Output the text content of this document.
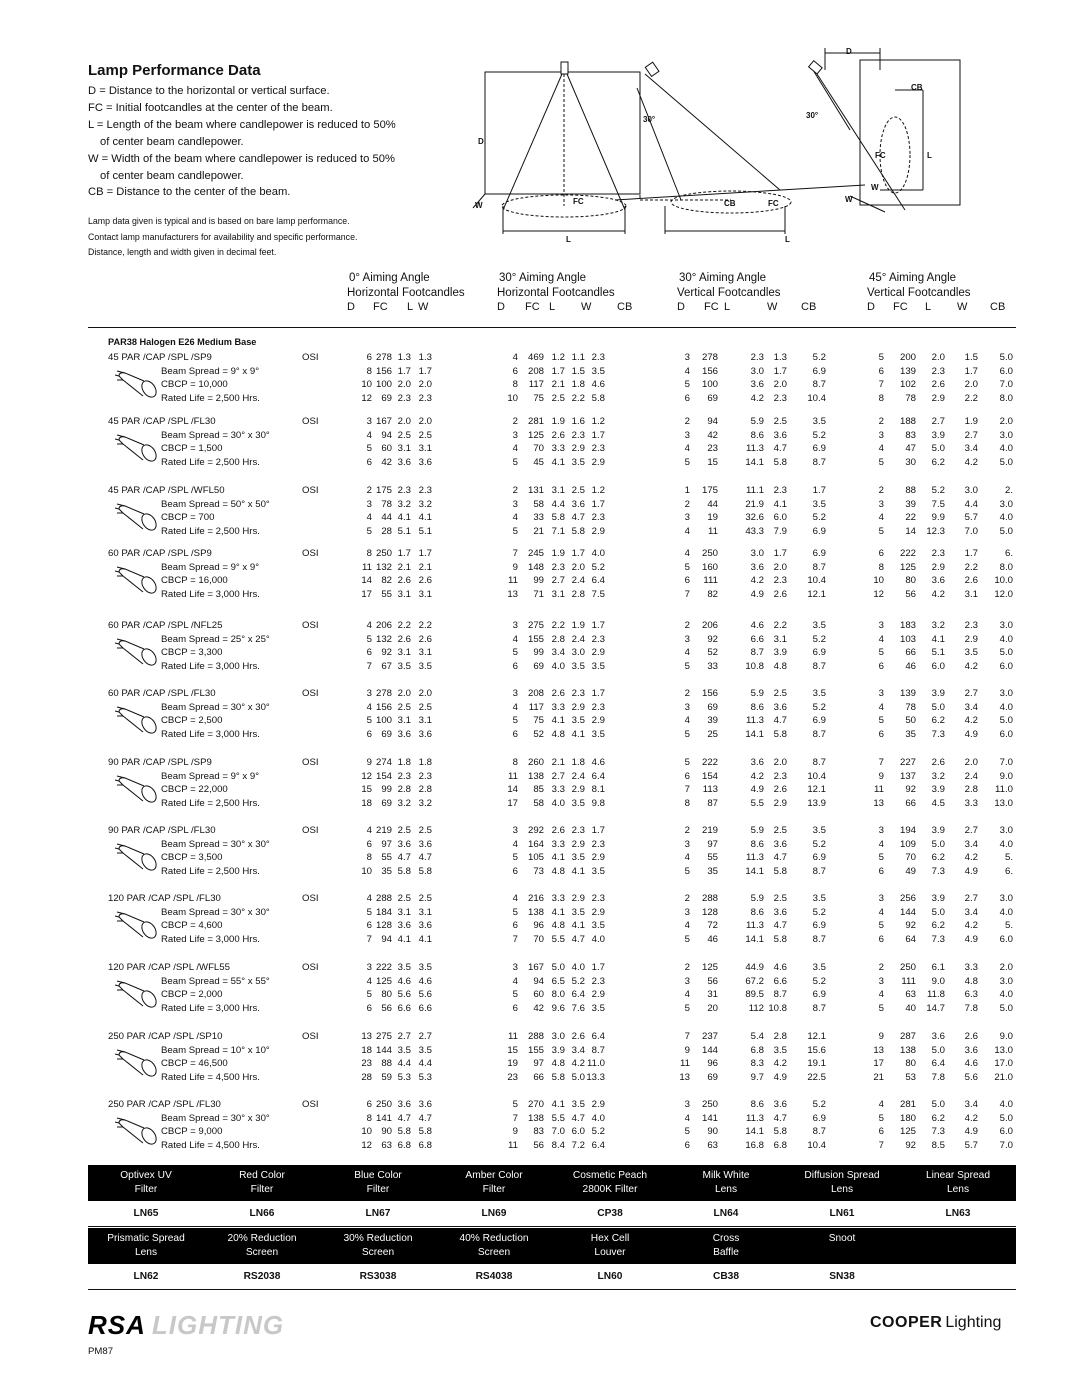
Lamp Performance Data
D = Distance to the horizontal or vertical surface.
FC = Initial footcandles at the center of the beam.
L = Length of the beam where candlepower is reduced to 50%
of center beam candlepower.
W = Width of the beam where candlepower is reduced to 50%
of center beam candlepower.
CB = Distance to the center of the beam.
Lamp data given is typical and is based on bare lamp performance.
Contact lamp manufacturers for availability and specific performance.
Distance, length and width given in decimal feet.
W
D
FC
L
30°
CB	FC
L
D
CB
L
FC
W
W
30°
0° Aiming Angle
Horizontal Footcandles
D FC L W
30° Aiming Angle
Horizontal Footcandles
D FC L W CB
30° Aiming Angle
Vertical Footcandles
D FC L	W CB
45° Aiming Angle
Vertical Footcandles
D FC L W CB
PAR38 Halogen E26 Medium Base
45 PAR /CAP /SPL /SP9	OSI	6 278 1.3 1.3	4 469 1.2 1.1 2.3	3 278	2.3 1.3	5.2	5 200 2.0 1.5 5.0
Beam Spread = 9° x 9°	8 156 1.7 1.7	6 208 1.7 1.5 3.5	4 156	3.0 1.7	6.9	6 139 2.3 1.7 6.0
CBCP = 10,000	10 100 2.0 2.0	8 117 2.1 1.8 4.6	5 100	3.6 2.0	8.7	7 102 2.6 2.0 7.0
Rated Life = 2,500 Hrs.	12 69 2.3 2.3	10 75 2.5 2.2 5.8	6 69	4.2 2.3 10.4	8 78 2.9 2.2 8.0
45 PAR /CAP /SPL /FL30	OSI	3 167 2.0 2.0	2 281 1.9 1.6 1.2	2 94	5.9 2.5	3.5	2 188 2.7 1.9 2.0
Beam Spread = 30° x 30°	4 94 2.5 2.5	3 125 2.6 2.3 1.7	3 42	8.6 3.6	5.2	3 83 3.9 2.7 3.0
CBCP = 1,500	5 60 3.1 3.1	4 70 3.3 2.9 2.3	4 23	11.3 4.7	6.9	4 47 5.0 3.4 4.0
Rated Life = 2,500 Hrs.	6 42 3.6 3.6	5 45 4.1 3.5 2.9	5 15	14.1 5.8	8.7	5 30 6.2 4.2 5.0
45 PAR /CAP /SPL /WFL50	OSI	2 175 2.3 2.3	2 131 3.1 2.5 1.2	1 175	11.1 2.3	1.7	2 88 5.2 3.0	2.
Beam Spread = 50° x 50°	3 78 3.2 3.2	3 58 4.4 3.6 1.7	2 44	21.9 4.1	3.5	3 39 7.5 4.4 3.0
CBCP = 700	4 44 4.1 4.1	4 33 5.8 4.7 2.3	3 19	32.6 6.0	5.2	4 22 9.9 5.7 4.0
Rated Life = 2,500 Hrs.	5 28 5.1 5.1	5 21 7.1 5.8 2.9	4 11	43.3 7.9	6.9	5 14 12.3 7.0 5.0
60 PAR /CAP /SPL /SP9	OSI	8 250 1.7 1.7	7 245 1.9 1.7 4.0	4 250	3.0 1.7	6.9	6 222 2.3 1.7	6.
Beam Spread = 9° x 9°	11 132 2.1 2.1	9 148 2.3 2.0 5.2	5 160	3.6 2.0	8.7	8 125 2.9 2.2 8.0
CBCP = 16,000	14 82 2.6 2.6	11 99 2.7 2.4 6.4	6 111	4.2 2.3 10.4	10 80 3.6 2.6 10.0
Rated Life = 3,000 Hrs.	17 55 3.1 3.1	13 71 3.1 2.8 7.5	7 82	4.9 2.6 12.1	12 56 4.2 3.1 12.0
60 PAR /CAP /SPL /NFL25	OSI	4 206 2.2 2.2	3 275 2.2 1.9 1.7	2 206	4.6 2.2	3.5	3 183 3.2 2.3 3.0
Beam Spread = 25° x 25°	5 132 2.6 2.6	4 155 2.8 2.4 2.3	3 92	6.6 3.1	5.2	4 103 4.1 2.9 4.0
CBCP = 3,300	6 92 3.1 3.1	5 99 3.4 3.0 2.9	4 52	8.7 3.9	6.9	5 66 5.1 3.5 5.0
Rated Life = 3,000 Hrs.	7 67 3.5 3.5	6 69 4.0 3.5 3.5	5 33	10.8 4.8	8.7	6 46 6.0 4.2 6.0
60 PAR /CAP /SPL /FL30	OSI	3 278 2.0 2.0	3 208 2.6 2.3 1.7	2 156	5.9 2.5	3.5	3 139 3.9 2.7 3.0
Beam Spread = 30° x 30°	4 156 2.5 2.5	4 117 3.3 2.9 2.3	3 69	8.6 3.6	5.2	4 78 5.0 3.4 4.0
CBCP = 2,500	5 100 3.1 3.1	5 75 4.1 3.5 2.9	4 39	11.3 4.7	6.9	5 50 6.2 4.2 5.0
Rated Life = 3,000 Hrs.	6 69 3.6 3.6	6 52 4.8 4.1 3.5	5 25	14.1 5.8	8.7	6 35 7.3 4.9 6.0
90 PAR /CAP /SPL /SP9	OSI	9 274 1.8 1.8	8 260 2.1 1.8 4.6	5 222	3.6 2.0	8.7	7 227 2.6 2.0 7.0
Beam Spread = 9° x 9°	12 154 2.3 2.3	11 138 2.7 2.4 6.4	6 154	4.2 2.3 10.4	9 137 3.2 2.4 9.0
CBCP = 22,000	15 99 2.8 2.8	14 85 3.3 2.9 8.1	7 113	4.9 2.6 12.1	11 92 3.9 2.8 11.0
Rated Life = 2,500 Hrs.	18 69 3.2 3.2	17 58 4.0 3.5 9.8	8 87	5.5 2.9 13.9	13 66 4.5 3.3 13.0
90 PAR /CAP /SPL /FL30	OSI	4 219 2.5 2.5	3 292 2.6 2.3 1.7	2 219	5.9 2.5	3.5	3 194 3.9 2.7 3.0
Beam Spread = 30° x 30°	6 97 3.6 3.6	4 164 3.3 2.9 2.3	3 97	8.6 3.6	5.2	4 109 5.0 3.4 4.0
CBCP = 3,500	8 55 4.7 4.7	5 105 4.1 3.5 2.9	4 55	11.3 4.7	6.9	5 70 6.2 4.2	5.
Rated Life = 2,500 Hrs.	10 35 5.8 5.8	6 73 4.8 4.1 3.5	5 35	14.1 5.8	8.7	6 49 7.3 4.9	6.
120 PAR /CAP /SPL /FL30	OSI	4 288 2.5 2.5	4 216 3.3 2.9 2.3	2 288	5.9 2.5	3.5	3 256 3.9 2.7 3.0
Beam Spread = 30° x 30°	5 184 3.1 3.1	5 138 4.1 3.5 2.9	3 128	8.6 3.6	5.2	4 144 5.0 3.4 4.0
CBCP = 4,600	6 128 3.6 3.6	6 96 4.8 4.1 3.5	4 72	11.3 4.7	6.9	5 92 6.2 4.2	5.
Rated Life = 3,000 Hrs.	7 94 4.1 4.1	7 70 5.5 4.7 4.0	5 46	14.1 5.8	8.7	6 64 7.3 4.9 6.0
120 PAR /CAP /SPL /WFL55	OSI	3 222 3.5 3.5	3 167 5.0 4.0 1.7	2 125	44.9 4.6	3.5	2 250 6.1 3.3 2.0
Beam Spread = 55° x 55°	4 125 4.6 4.6	4 94 6.5 5.2 2.3	3 56	67.2 6.6	5.2	3 111 9.0 4.8 3.0
CBCP = 2,000	5 80 5.6 5.6	5 60 8.0 6.4 2.9	4 31	89.5 8.7	6.9	4 63 11.8 6.3 4.0
Rated Life = 3,000 Hrs.	6 56 6.6 6.6	6 42 9.6 7.6 3.5	5 20	112 10.8	8.7	5 40 14.7 7.8 5.0
250 PAR /CAP /SPL /SP10	OSI	13 275 2.7 2.7	11 288 3.0 2.6 6.4	7 237	5.4 2.8 12.1	9 287 3.6 2.6 9.0
Beam Spread = 10° x 10°	18 144 3.5 3.5	15 155 3.9 3.4 8.7	9 144	6.8 3.5 15.6	13 138 5.0 3.6 13.0
CBCP = 46,500	23 88 4.4 4.4	19 97 4.8 4.2 11.0	11 96	8.3 4.2 19.1	17 80 6.4 4.6 17.0
Rated Life = 4,500 Hrs.	28 59 5.3 5.3	23 66 5.8 5.0 13.3	13 69	9.7 4.9 22.5	21 53 7.8 5.6 21.0
250 PAR /CAP /SPL /FL30	OSI	6 250 3.6 3.6	5 270 4.1 3.5 2.9	3 250	8.6 3.6	5.2	4 281 5.0 3.4 4.0
Beam Spread = 30° x 30°	8 141 4.7 4.7	7 138 5.5 4.7 4.0	4 141	11.3 4.7	6.9	5 180 6.2 4.2 5.0
CBCP = 9,000	10 90 5.8 5.8	9 83 7.0 6.0 5.2	5 90	14.1 5.8	8.7	6 125 7.3 4.9 6.0
Rated Life = 4,500 Hrs.	12 63 6.8 6.8	11 56 8.4 7.2 6.4	6 63	16.8 6.8 10.4	7 92 8.5 5.7 7.0
Optivex UV
Filter
Red Color
Filter
Blue Color
Filter
Amber Color
Filter
Cosmetic Peach
2800K Filter
Milk White
Lens
Diffusion Spread
Lens
Linear Spread
Lens
LN65	LN66	LN67	LN69	CP38	LN64	LN61	LN63
Prismatic Spread
Lens
20% Reduction
Screen
30% Reduction
Screen
40% Reduction
Screen
Hex Cell
Louver
Cross
Baffle
Snoot

LN62	RS2038	RS3038	RS4038	LN60	CB38	SN38
RSA LIGHTING	COOPER Lighting
PM87
